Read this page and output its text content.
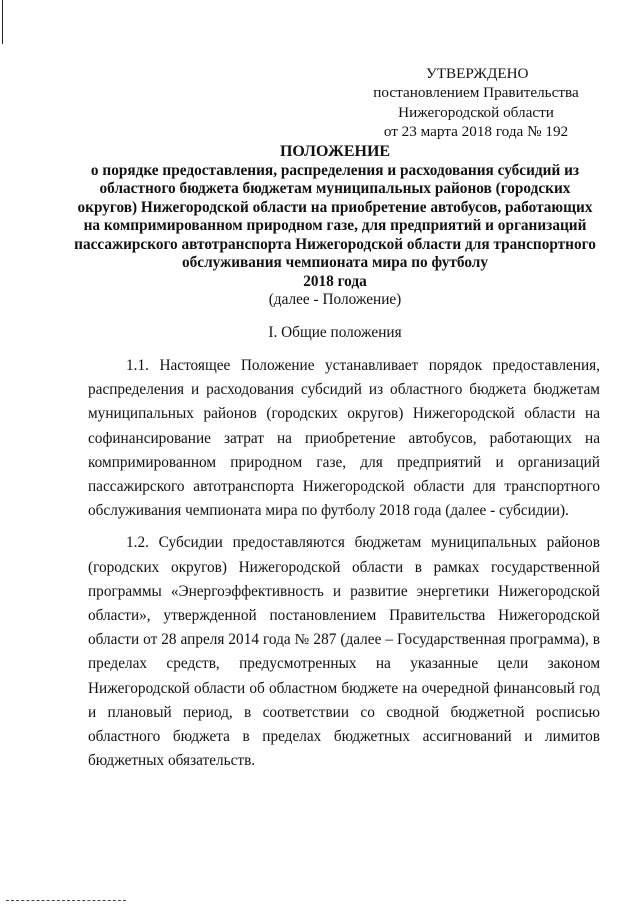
УТВЕРЖДЕНО
постановлением Правительства
Нижегородской области
от 23 марта 2018 года № 192
ПОЛОЖЕНИЕ
о порядке предоставления, распределения и расходования субсидий из областного бюджета бюджетам муниципальных районов (городских округов) Нижегородской области на приобретение автобусов, работающих на компримированном природном газе, для предприятий и организаций пассажирского автотранспорта Нижегородской области для транспортного обслуживания чемпионата мира по футболу
2018 года
(далее - Положение)
I. Общие положения

1.1. Настоящее Положение устанавливает порядок предоставления, распределения и расходования субсидий из областного бюджета бюджетам муниципальных районов (городских округов) Нижегородской области на софинансирование затрат на приобретение автобусов, работающих на компримированном природном газе, для предприятий и организаций пассажирского автотранспорта Нижегородской области для транспортного обслуживания чемпионата мира по футболу 2018 года (далее - субсидии).

1.2. Субсидии предоставляются бюджетам муниципальных районов (городских округов) Нижегородской области в рамках государственной программы «Энергоэффективность и развитие энергетики Нижегородской области», утвержденной постановлением Правительства Нижегородской области от 28 апреля 2014 года № 287 (далее – Государственная программа), в пределах средств, предусмотренных на указанные цели законом Нижегородской области об областном бюджете на очередной финансовый год и плановый период, в соответствии со сводной бюджетной росписью областного бюджета в пределах бюджетных ассигнований и лимитов бюджетных обязательств.
